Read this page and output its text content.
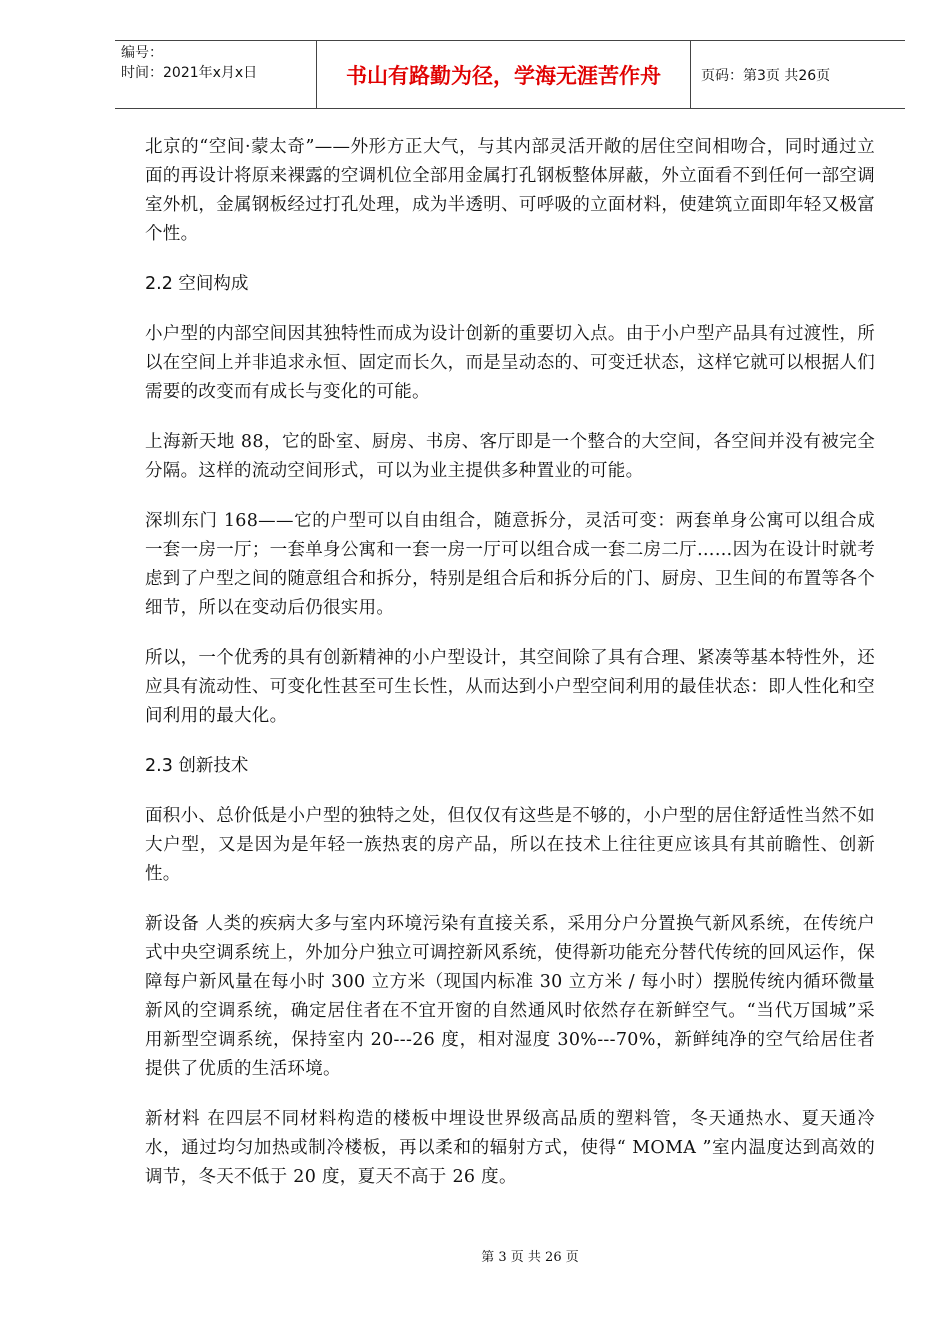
编号：
时间：2021年x月x日	书山有路勤为径，学海无涯苦作舟	页码：第3页 共26页

北京的“空间·蒙太奇”——外形方正大气，与其内部灵活开敞的居住空间相吻合，同时通过立面的再设计将原来裸露的空调机位全部用金属打孔钢板整体屏蔽，外立面看不到任何一部空调室外机，金属钢板经过打孔处理，成为半透明、可呼吸的立面材料，使建筑立面即年轻又极富个性。

2.2 空间构成

小户型的内部空间因其独特性而成为设计创新的重要切入点。由于小户型产品具有过渡性，所以在空间上并非追求永恒、固定而长久，而是呈动态的、可变迁状态，这样它就可以根据人们需要的改变而有成长与变化的可能。

上海新天地 88，它的卧室、厨房、书房、客厅即是一个整合的大空间，各空间并没有被完全分隔。这样的流动空间形式，可以为业主提供多种置业的可能。

深圳东门 168——它的户型可以自由组合，随意拆分，灵活可变：两套单身公寓可以组合成一套一房一厅；一套单身公寓和一套一房一厅可以组合成一套二房二厅……因为在设计时就考虑到了户型之间的随意组合和拆分，特别是组合后和拆分后的门、厨房、卫生间的布置等各个细节，所以在变动后仍很实用。

所以，一个优秀的具有创新精神的小户型设计，其空间除了具有合理、紧凑等基本特性外，还应具有流动性、可变化性甚至可生长性，从而达到小户型空间利用的最佳状态：即人性化和空间利用的最大化。

2.3 创新技术

面积小、总价低是小户型的独特之处，但仅仅有这些是不够的，小户型的居住舒适性当然不如大户型，又是因为是年轻一族热衷的房产品，所以在技术上往往更应该具有其前瞻性、创新性。

新设备 人类的疾病大多与室内环境污染有直接关系，采用分户分置换气新风系统，在传统户式中央空调系统上，外加分户独立可调控新风系统，使得新功能充分替代传统的回风运作，保障每户新风量在每小时 300 立方米（现国内标准 30 立方米 / 每小时）摆脱传统内循环微量新风的空调系统，确定居住者在不宜开窗的自然通风时依然存在新鲜空气。“当代万国城”采用新型空调系统，保持室内 20---26 度，相对湿度 30%---70%，新鲜纯净的空气给居住者提供了优质的生活环境。

新材料 在四层不同材料构造的楼板中埋设世界级高品质的塑料管，冬天通热水、夏天通冷水，通过均匀加热或制冷楼板，再以柔和的辐射方式，使得“ MOMA ”室内温度达到高效的调节，冬天不低于 20 度，夏天不高于 26 度。

第 3 页 共 26 页
